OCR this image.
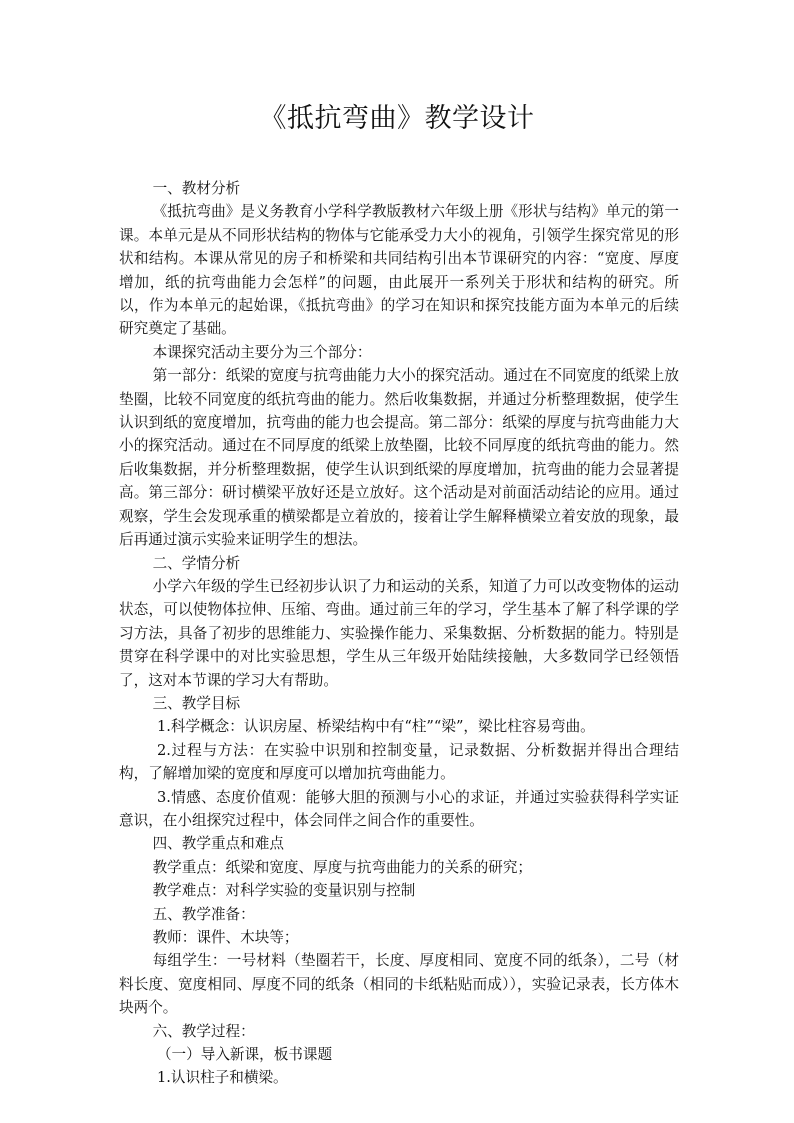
《抵抗弯曲》教学设计

一、教材分析

《抵抗弯曲》是义务教育小学科学教版教材六年级上册《形状与结构》单元的第一课。本单元是从不同形状结构的物体与它能承受力大小的视角，引领学生探究常见的形状和结构。本课从常见的房子和桥梁和共同结构引出本节课研究的内容：“宽度、厚度增加，纸的抗弯曲能力会怎样”的问题，由此展开一系列关于形状和结构的研究。所以，作为本单元的起始课，《抵抗弯曲》的学习在知识和探究技能方面为本单元的后续研究奠定了基础。

本课探究活动主要分为三个部分：

第一部分：纸梁的宽度与抗弯曲能力大小的探究活动。通过在不同宽度的纸梁上放垫圈，比较不同宽度的纸抗弯曲的能力。然后收集数据，并通过分析整理数据，使学生认识到纸的宽度增加，抗弯曲的能力也会提高。第二部分：纸梁的厚度与抗弯曲能力大小的探究活动。通过在不同厚度的纸梁上放垫圈，比较不同厚度的纸抗弯曲的能力。然后收集数据，并分析整理数据，使学生认识到纸梁的厚度增加，抗弯曲的能力会显著提高。第三部分：研讨横梁平放好还是立放好。这个活动是对前面活动结论的应用。通过观察，学生会发现承重的横梁都是立着放的，接着让学生解释横梁立着安放的现象，最后再通过演示实验来证明学生的想法。

二、学情分析

小学六年级的学生已经初步认识了力和运动的关系，知道了力可以改变物体的运动状态，可以使物体拉伸、压缩、弯曲。通过前三年的学习，学生基本了解了科学课的学习方法，具备了初步的思维能力、实验操作能力、采集数据、分析数据的能力。特别是贯穿在科学课中的对比实验思想，学生从三年级开始陆续接触，大多数同学已经领悟了，这对本节课的学习大有帮助。

三、教学目标

1.科学概念：认识房屋、桥梁结构中有“柱”“梁”，梁比柱容易弯曲。

2.过程与方法：在实验中识别和控制变量，记录数据、分析数据并得出合理结构，了解增加梁的宽度和厚度可以增加抗弯曲能力。

3.情感、态度价值观：能够大胆的预测与小心的求证，并通过实验获得科学实证意识，在小组探究过程中，体会同伴之间合作的重要性。

四、教学重点和难点

教学重点：纸梁和宽度、厚度与抗弯曲能力的关系的研究；

教学难点：对科学实验的变量识别与控制

五、教学准备：

教师：课件、木块等；

每组学生：一号材料（垫圈若干，长度、厚度相同、宽度不同的纸条），二号（材料长度、宽度相同、厚度不同的纸条（相同的卡纸粘贴而成）），实验记录表，长方体木块两个。

六、教学过程：

（一）导入新课，板书课题

1.认识柱子和横梁。
